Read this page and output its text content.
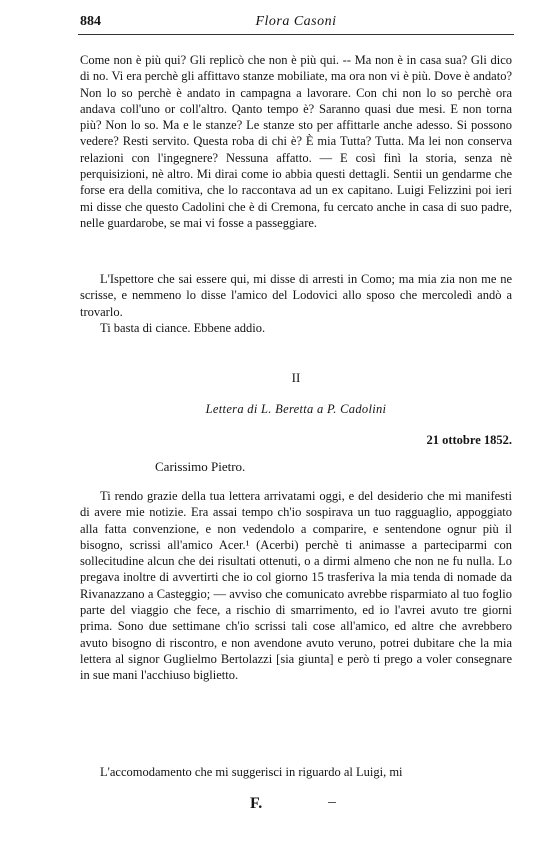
884	Flora Casoni

Come non è più qui? Gli replicò che non è più qui. -- Ma non è in casa sua? Gli dico di no. Vi era perchè gli affittavo stanze mobiliate, ma ora non vi è più. Dove è andato? Non lo so perchè è andato in campagna a lavorare. Con chi non lo so perchè ora andava coll'uno or coll'altro. Qanto tempo è? Saranno quasi due mesi. E non torna più? Non lo so. Ma e le stanze? Le stanze sto per affittarle anche adesso. Si possono vedere? Resti servito. Questa roba di chi è? È mia Tutta? Tutta. Ma lei non conserva relazioni con l'ingegnere? Nessuna affatto. — E così finì la storia, senza nè perquisizioni, nè altro. Mi dirai come io abbia questi dettagli. Sentii un gendarme che forse era della comitiva, che lo raccontava ad un ex capitano. Luigi Felizzini poi ieri mi disse che questo Cadolini che è di Cremona, fu cercato anche in casa di suo padre, nelle guardarobe, se mai vi fosse a passeggiare.

L'Ispettore che sai essere qui, mi disse di arresti in Como; ma mia zia non me ne scrisse, e nemmeno lo disse l'amico del Lodovici allo sposo che mercoledì andò a trovarlo.

Ti basta di ciance. Ebbene addio.

II
Lettera di L. Beretta a P. Cadolini
21 ottobre 1852.
Carissimo Pietro.

Ti rendo grazie della tua lettera arrivatami oggi, e del desiderio che mi manifesti di avere mie notizie. Era assai tempo ch'io sospirava un tuo ragguaglio, appoggiato alla fatta convenzione, e non vedendolo a comparire, e sentendone ognur più il bisogno, scrissi all'amico Acer.¹ (Acerbi) perchè ti animasse a parteciparmi con sollecitudine alcun che dei risultati ottenuti, o a dirmi almeno che non ne fu nulla. Lo pregava inoltre di avvertirti che io col giorno 15 trasferiva la mia tenda di nomade da Rivanazzano a Casteggio; — avviso che comunicato avrebbe risparmiato al tuo foglio parte del viaggio che fece, a rischio di smarrimento, ed io l'avrei avuto tre giorni prima. Sono due settimane ch'io scrissi tali cose all'amico, ed altre che avrebbero avuto bisogno di riscontro, e non avendone avuto veruno, potrei dubitare che la mia lettera al signor Guglielmo Bertolazzi [sia giunta] e però ti prego a voler consegnare in sue mani l'acchiuso biglietto.

L'accomodamento che mi suggerisci in riguardo al Luigi, mi

F.
